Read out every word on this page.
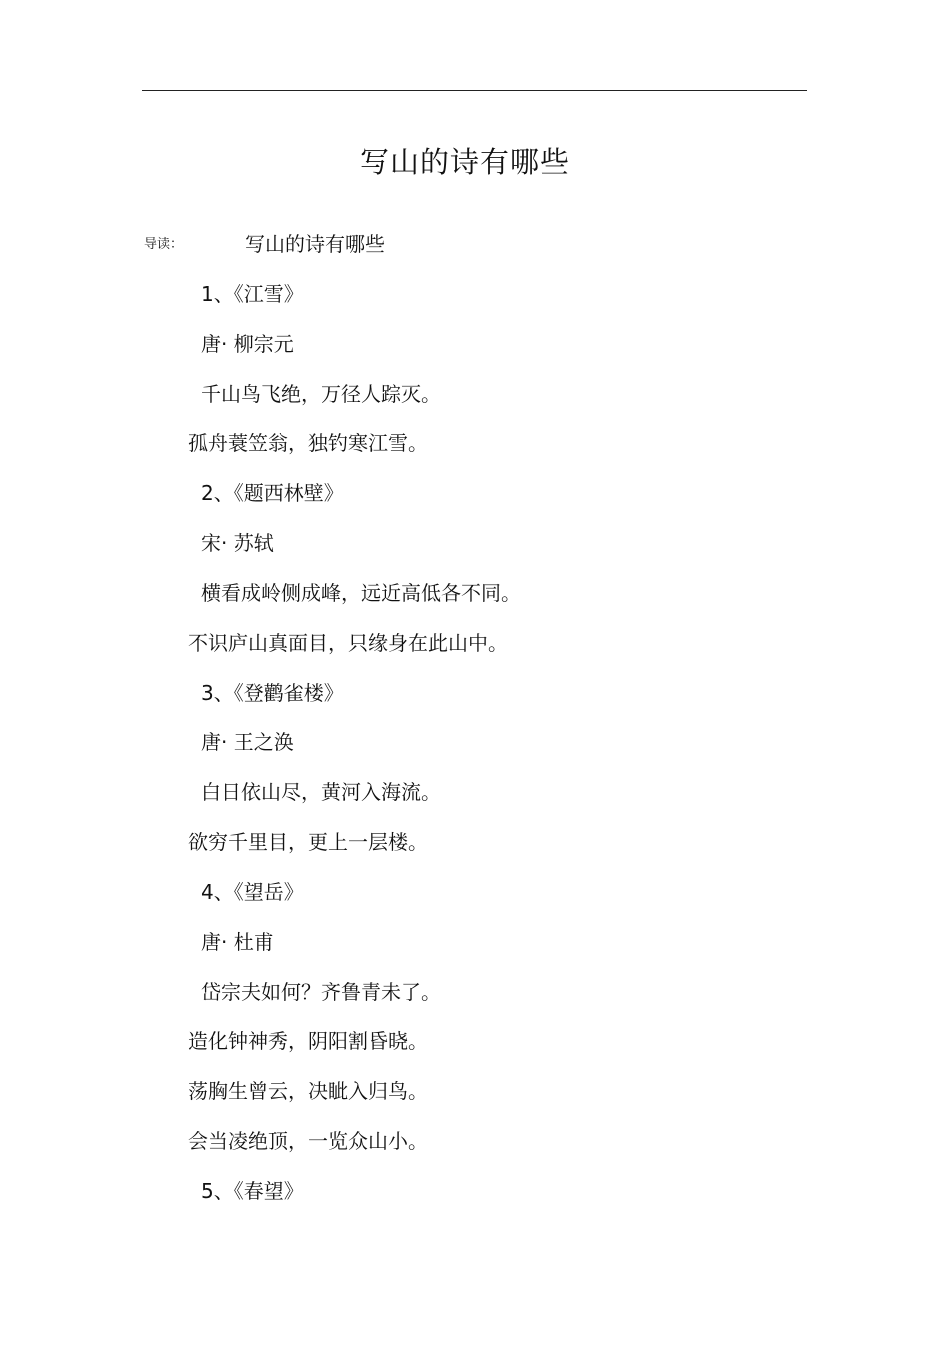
写山的诗有哪些
导读：	写山的诗有哪些
1、《江雪》
唐· 柳宗元
千山鸟飞绝，万径人踪灭。
孤舟蓑笠翁，独钓寒江雪。
2、《题西林壁》
宋· 苏轼
横看成岭侧成峰，远近高低各不同。
不识庐山真面目，只缘身在此山中。
3、《登鹳雀楼》
唐· 王之涣
白日依山尽，黄河入海流。
欲穷千里目，更上一层楼。
4、《望岳》
唐· 杜甫
岱宗夫如何？齐鲁青未了。
造化钟神秀，阴阳割昏晓。
荡胸生曾云，决眦入归鸟。
会当凌绝顶，一览众山小。
5、《春望》
